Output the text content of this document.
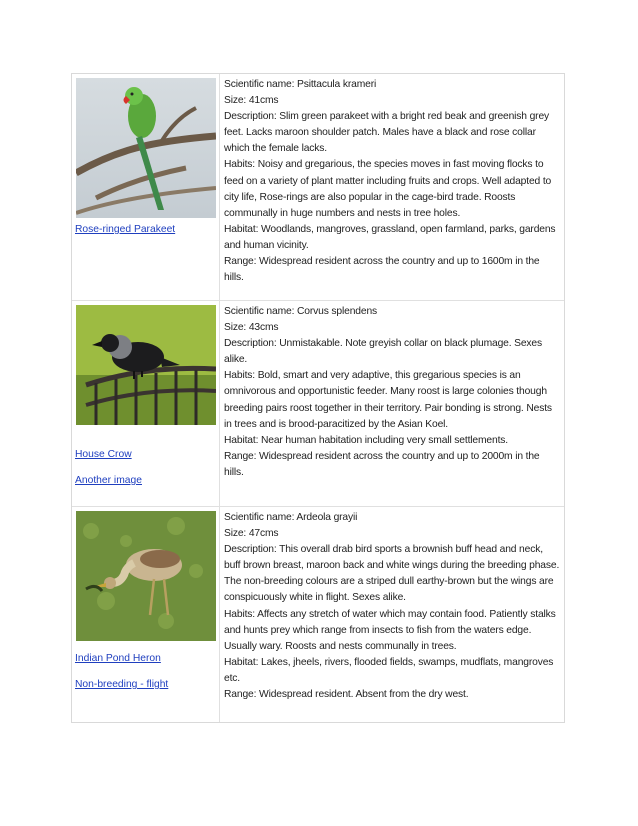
Scientific name: Psittacula krameri
Size: 41cms
Description: Slim green parakeet with a bright red beak and greenish grey feet. Lacks maroon shoulder patch. Males have a black and rose collar which the female lacks.
Habits: Noisy and gregarious, the species moves in fast moving flocks to feed on a variety of plant matter including fruits and crops. Well adapted to city life, Rose-rings are also popular in the cage-bird trade. Roosts communally in huge numbers and nests in tree holes.
Habitat: Woodlands, mangroves, grassland, open farmland, parks, gardens and human vicinity.
Range: Widespread resident across the country and up to 1600m in the hills.
Scientific name: Corvus splendens
Size: 43cms
Description: Unmistakable. Note greyish collar on black plumage. Sexes alike.
Habits: Bold, smart and very adaptive, this gregarious species is an omnivorous and opportunistic feeder. Many roost is large colonies though breeding pairs roost together in their territory. Pair bonding is strong. Nests in trees and is brood-paracitized by the Asian Koel.
Habitat: Near human habitation including very small settlements.
Range: Widespread resident across the country and up to 2000m in the hills.
Scientific name: Ardeola grayii
Size: 47cms
Description: This overall drab bird sports a brownish buff head and neck, buff brown breast, maroon back and white wings during the breeding phase. The non-breeding colours are a striped dull earthy-brown but the wings are conspicuously white in flight. Sexes alike.
Habits: Affects any stretch of water which may contain food. Patiently stalks and hunts prey which range from insects to fish from the waters edge. Usually wary. Roosts and nests communally in trees.
Habitat: Lakes, jheels, rivers, flooded fields, swamps, mudflats, mangroves etc.
Range: Widespread resident. Absent from the dry west.
Rose-ringed Parakeet
House Crow
Another image
Indian Pond Heron
Non-breeding - flight
